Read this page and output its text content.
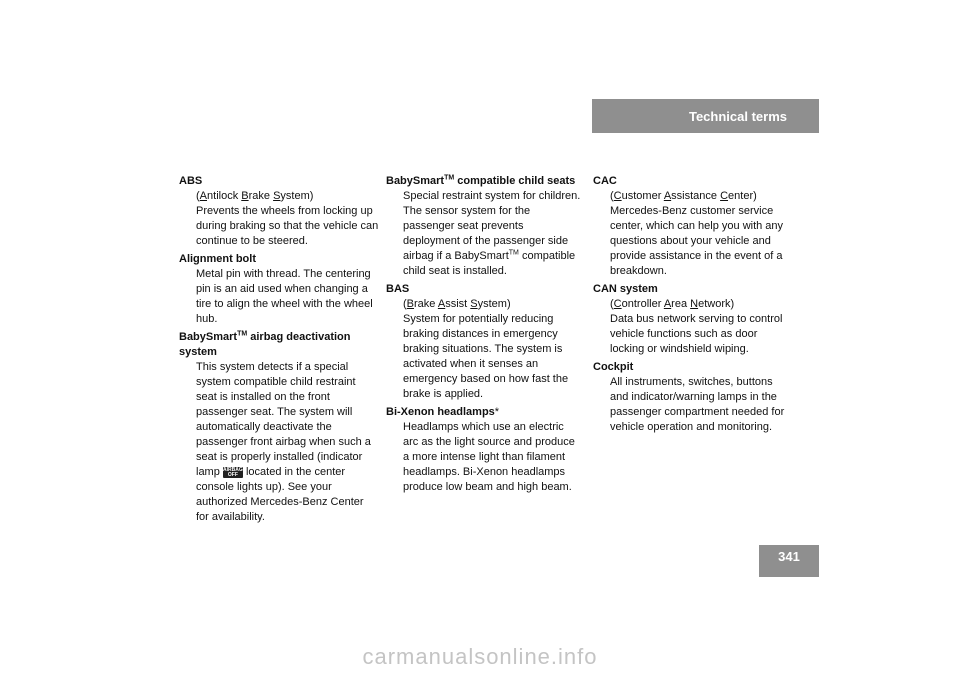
Technical terms

ABS

(Antilock Brake System)

Prevents the wheels from locking up during braking so that the vehicle can continue to be steered.

Alignment bolt

Metal pin with thread. The centering pin is an aid used when changing a tire to align the wheel with the wheel hub.

BabySmart™ airbag deactivation system

This system detects if a special system compatible child restraint seat is installed on the front passenger seat. The system will automatically deactivate the passenger front airbag when such a seat is properly installed (indicator lamp AIRBAG
OFF located in the center console lights up). See your authorized Mercedes-Benz Center for availability.

BabySmart™ compatible child seats

Special restraint system for children. The sensor system for the passenger seat prevents deployment of the passenger side airbag if a BabySmart™ compatible child seat is installed.

BAS

(Brake Assist System)

System for potentially reducing braking distances in emergency braking situations. The system is activated when it senses an emergency based on how fast the brake is applied.

Bi-Xenon headlamps*

Headlamps which use an electric arc as the light source and produce a more intense light than filament headlamps. Bi-Xenon headlamps produce low beam and high beam.

CAC

(Customer Assistance Center)

Mercedes-Benz customer service center, which can help you with any questions about your vehicle and provide assistance in the event of a breakdown.

CAN system

(Controller Area Network)

Data bus network serving to control vehicle functions such as door locking or windshield wiping.

Cockpit

All instruments, switches, buttons and indicator/warning lamps in the passenger compartment needed for vehicle operation and monitoring.

341
carmanualsonline.info
